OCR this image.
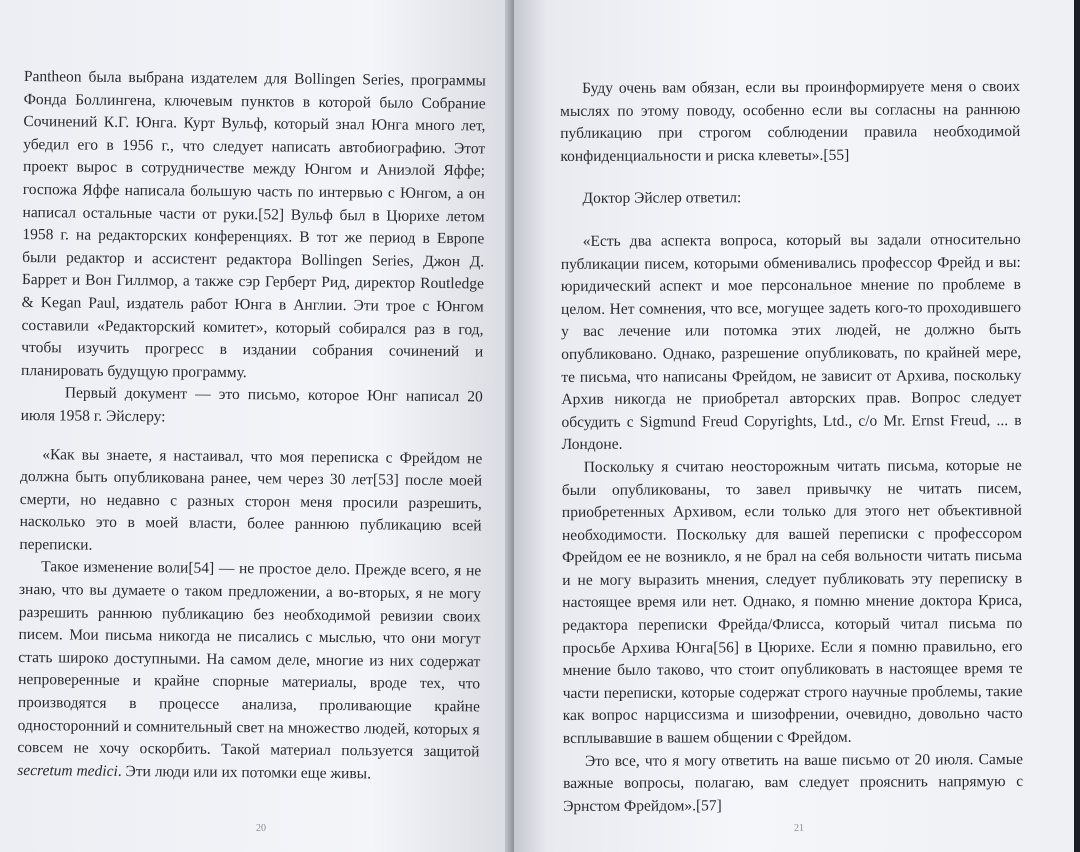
Pantheon была выбрана издателем для Bollingen Series, программы Фонда Боллингена, ключевым пунктов в которой было Собрание Сочинений К.Г. Юнга. Курт Вульф, который знал Юнга много лет, убедил его в 1956 г., что следует написать автобиографию. Этот проект вырос в сотрудничестве между Юнгом и Аниэлой Яффе; госпожа Яффе написала большую часть по интервью с Юнгом, а он написал остальные части от руки.[52] Вульф был в Цюрихе летом 1958 г. на редакторских конференциях. В тот же период в Европе были редактор и ассистент редактора Bollingen Series, Джон Д. Баррет и Вон Гиллмор, а также сэр Герберт Рид, директор Routledge & Kegan Paul, издатель работ Юнга в Англии. Эти трое с Юнгом составили «Редакторский комитет», который собирался раз в год, чтобы изучить прогресс в издании собрания сочинений и планировать будущую программу.

Первый документ — это письмо, которое Юнг написал 20 июля 1958 г. Эйслеру:

«Как вы знаете, я настаивал, что моя переписка с Фрейдом не должна быть опубликована ранее, чем через 30 лет[53] после моей смерти, но недавно с разных сторон меня просили разрешить, насколько это в моей власти, более раннюю публикацию всей переписки.

Такое изменение воли[54] — не простое дело. Прежде всего, я не знаю, что вы думаете о таком предложении, а во-вторых, я не могу разрешить раннюю публикацию без необходимой ревизии своих писем. Мои письма никогда не писались с мыслью, что они могут стать широко доступными. На самом деле, многие из них содержат непроверенные и крайне спорные материалы, вроде тех, что производятся в процессе анализа, проливающие крайне односторонний и сомнительный свет на множество людей, которых я совсем не хочу оскорбить. Такой материал пользуется защитой secretum medici. Эти люди или их потомки еще живы.

20

Буду очень вам обязан, если вы проинформируете меня о своих мыслях по этому поводу, особенно если вы согласны на раннюю публикацию при строгом соблюдении правила необходимой конфиденциальности и риска клеветы».[55]

Доктор Эйслер ответил:

«Есть два аспекта вопроса, который вы задали относительно публикации писем, которыми обменивались профессор Фрейд и вы: юридический аспект и мое персональное мнение по проблеме в целом. Нет сомнения, что все, могущее задеть кого-то проходившего у вас лечение или потомка этих людей, не должно быть опубликовано. Однако, разрешение опубликовать, по крайней мере, те письма, что написаны Фрейдом, не зависит от Архива, поскольку Архив никогда не приобретал авторских прав. Вопрос следует обсудить с Sigmund Freud Copyrights, Ltd., c/o Mr. Ernst Freud, ... в Лондоне.

Поскольку я считаю неосторожным читать письма, которые не были опубликованы, то завел привычку не читать писем, приобретенных Архивом, если только для этого нет объективной необходимости. Поскольку для вашей переписки с профессором Фрейдом ее не возникло, я не брал на себя вольности читать письма и не могу выразить мнения, следует публиковать эту переписку в настоящее время или нет. Однако, я помню мнение доктора Криса, редактора переписки Фрейда/Флисса, который читал письма по просьбе Архива Юнга[56] в Цюрихе. Если я помню правильно, его мнение было таково, что стоит опубликовать в настоящее время те части переписки, которые содержат строго научные проблемы, такие как вопрос нарциссизма и шизофрении, очевидно, довольно часто всплывавшие в вашем общении с Фрейдом.

Это все, что я могу ответить на ваше письмо от 20 июля. Самые важные вопросы, полагаю, вам следует прояснить напрямую с Эрнстом Фрейдом».[57]

21
